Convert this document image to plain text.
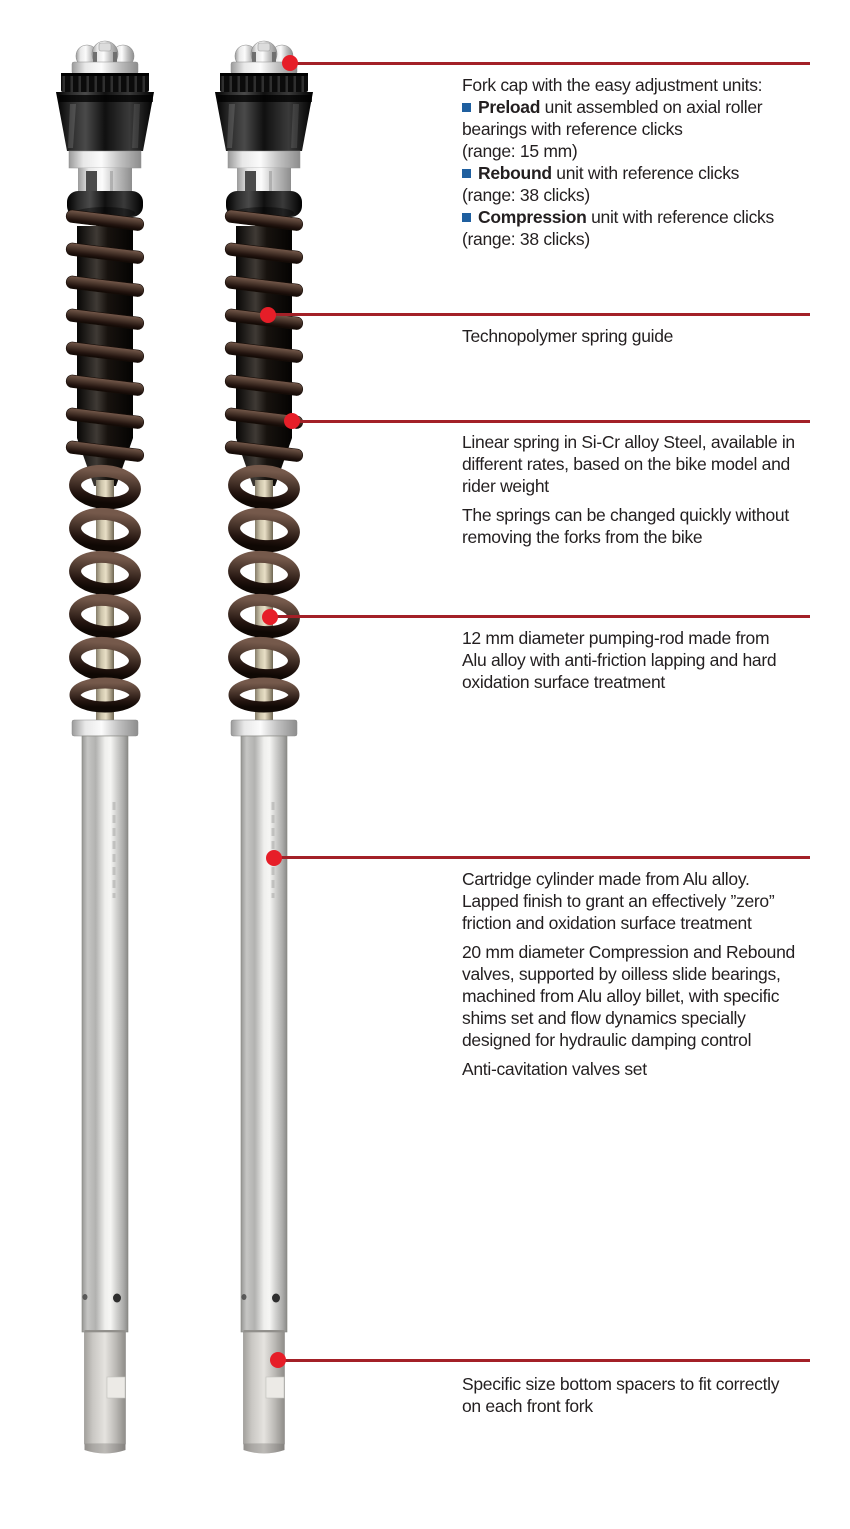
Fork cap with the easy adjustment units:
Preload unit assembled on axial roller
bearings with reference clicks
(range: 15 mm)
Rebound unit with reference clicks
(range: 38 clicks)
Compression unit with reference clicks
(range: 38 clicks)
Technopolymer spring guide
Linear spring in Si-Cr alloy Steel, available in
different rates, based on the bike model and
rider weight
The springs can be changed quickly without
removing the forks from the bike
12 mm diameter pumping-rod made from
Alu alloy with anti-friction lapping and hard
oxidation surface treatment
Cartridge cylinder made from Alu alloy.
Lapped finish to grant an effectively ”zero”
friction and oxidation surface treatment
20 mm diameter Compression and Rebound
valves, supported by oilless slide bearings,
machined from Alu alloy billet, with specific
shims set and flow dynamics specially
designed for hydraulic damping control
Anti-cavitation valves set
Specific size bottom spacers to fit correctly
on each front fork
